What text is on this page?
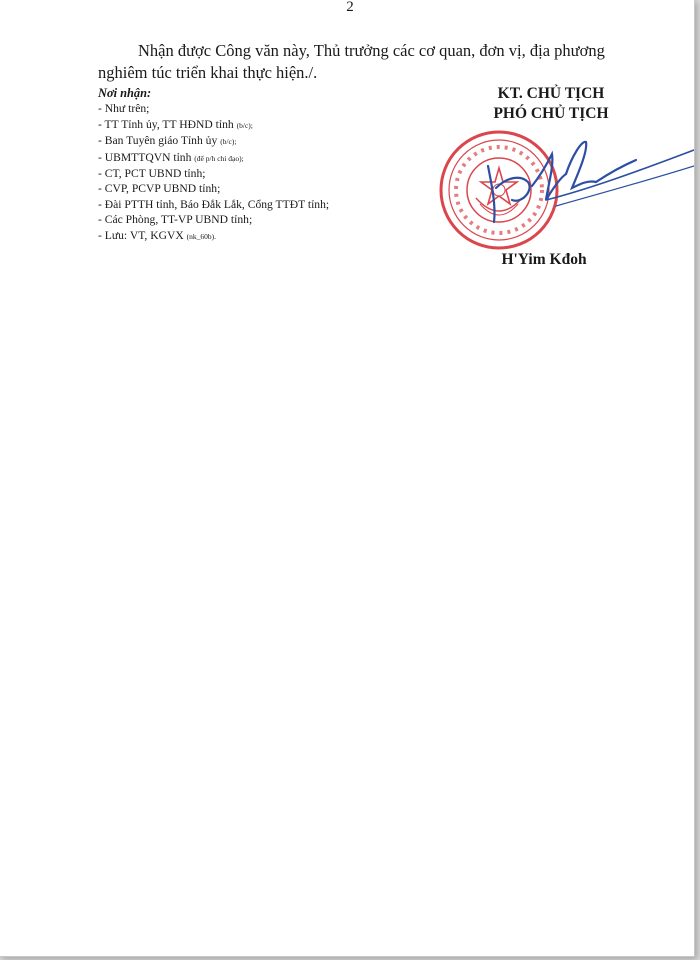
2
Nhận được Công văn này, Thủ trưởng các cơ quan, đơn vị, địa phương
nghiêm túc triển khai thực hiện./.
Nơi nhận:
- Như trên;
- TT Tỉnh ủy, TT HĐND tỉnh (b/c);
- Ban Tuyên giáo Tỉnh ủy (b/c);
- UBMTTQVN tỉnh (để p/h chỉ đạo);
- CT, PCT UBND tỉnh;
- CVP, PCVP UBND tỉnh;
- Đài PTTH tỉnh, Báo Đắk Lắk, Cổng TTĐT tỉnh;
- Các Phòng, TT-VP UBND tỉnh;
- Lưu: VT, KGVX (nk_60b).
KT. CHỦ TỊCH
PHÓ CHỦ TỊCH
H'Yim Kđoh
